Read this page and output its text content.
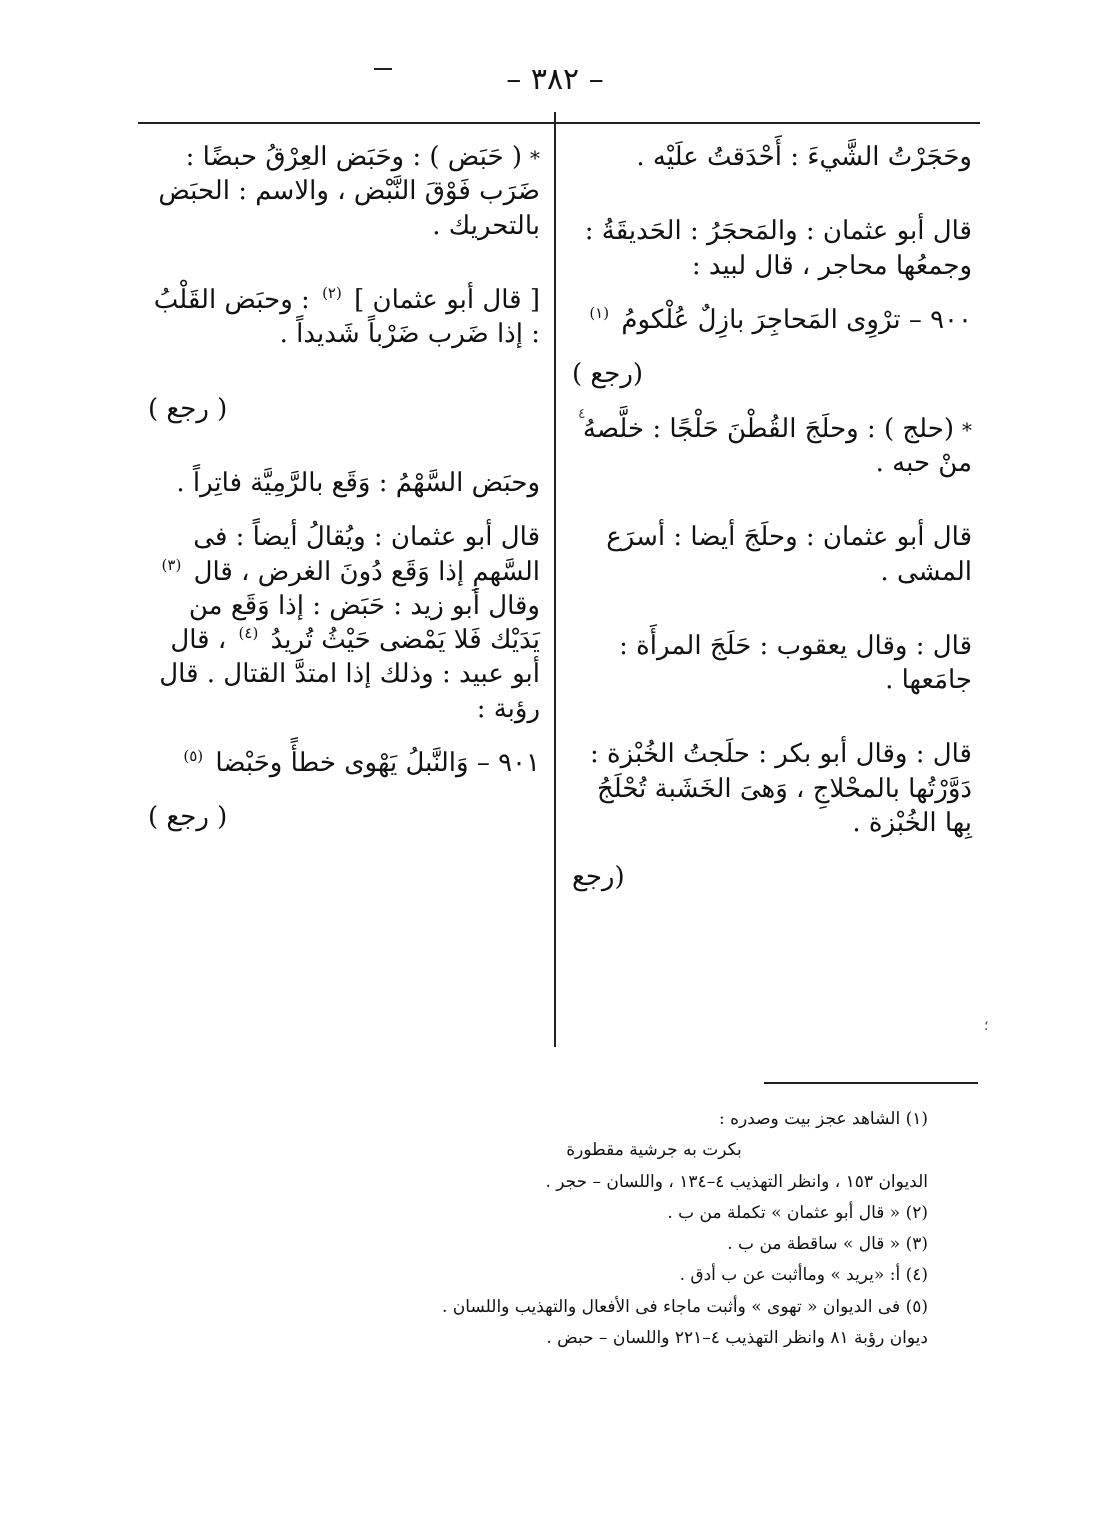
– ٣٨٢ –

وحَجَرْتُ الشَّيءَ : أَحْدَقتُ علَيْه .

قال أبو عثمان : والمَحجَرُ : الحَديقَةُ : وجمعُها محاجر ، قال لبيد :

٩٠٠ – ترْوِى المَحاجِرَ بازِلٌ عُلْكومُ $^{(١)}$

(رجع )

*(حلج ) : وحلَجَ القُطْنَ حَلْجًا : خلَّصهُ منْ حبه .

قال أبو عثمان : وحلَجَ أيضا : أسرَع المشى .

قال : وقال يعقوب : حَلَجَ المرأَة : جامَعها .

قال : وقال أبو بكر : حلَجتُ الخُبْزة : دَوَّرْتُها بالمحْلاجِ ، وَهىَ الخَشَبة تُحْلَجُ بِها الخُبْزة .

(رجع

*( حَبَض ) : وحَبَض العِرْقُ حبضًا : ضَرَب فَوْقَ النَّبْض ، والاسم : الحبَض بالتحريك .

[ قال أبو عثمان ] $^{(٢)}$ : وحبَض القَلْبُ : إذا ضَرب ضَرْباً شَديداً .

( رجع )

وحبَض السَّهْمُ : وَقَع بالرَّمِيَّة فاتِراً .

قال أبو عثمان : ويُقالُ أيضاً : فى السَّهمِ إذا وَقَع دُونَ الغرض ، قال $^{(٣)}$ وقال أبو زيد : حَبَض : إذا وَقَع من يَدَيْك فَلا يَمْضى حَيْثُ تُريدُ $^{(٤)}$ ، قال أبو عبيد : وذلك إذا امتدَّ القتال . قال رؤبة :

٩٠١ – وَالنَّبلُ يَهْوى خطأً وحَبْضا $^{(٥)}$

( رجع )

(١) الشاهد عجز بيت وصدره :

بكرت به جرشية مقطورة

الديوان ١٥٣ ، وانظر التهذيب ٤–١٣٤ ، واللسان – حجر .

(٢) « قال أبو عثمان » تكملة من ب .

(٣) « قال » ساقطة من ب .

(٤) أ: «يريد » وماأثبت عن ب أدق .

(٥) فى الديوان « تهوى » وأثبت ماجاء فى الأفعال والتهذيب واللسان .

ديوان رؤبة ٨١ وانظر التهذيب ٤–٢٢١ واللسان – حبض .

٤
؛
